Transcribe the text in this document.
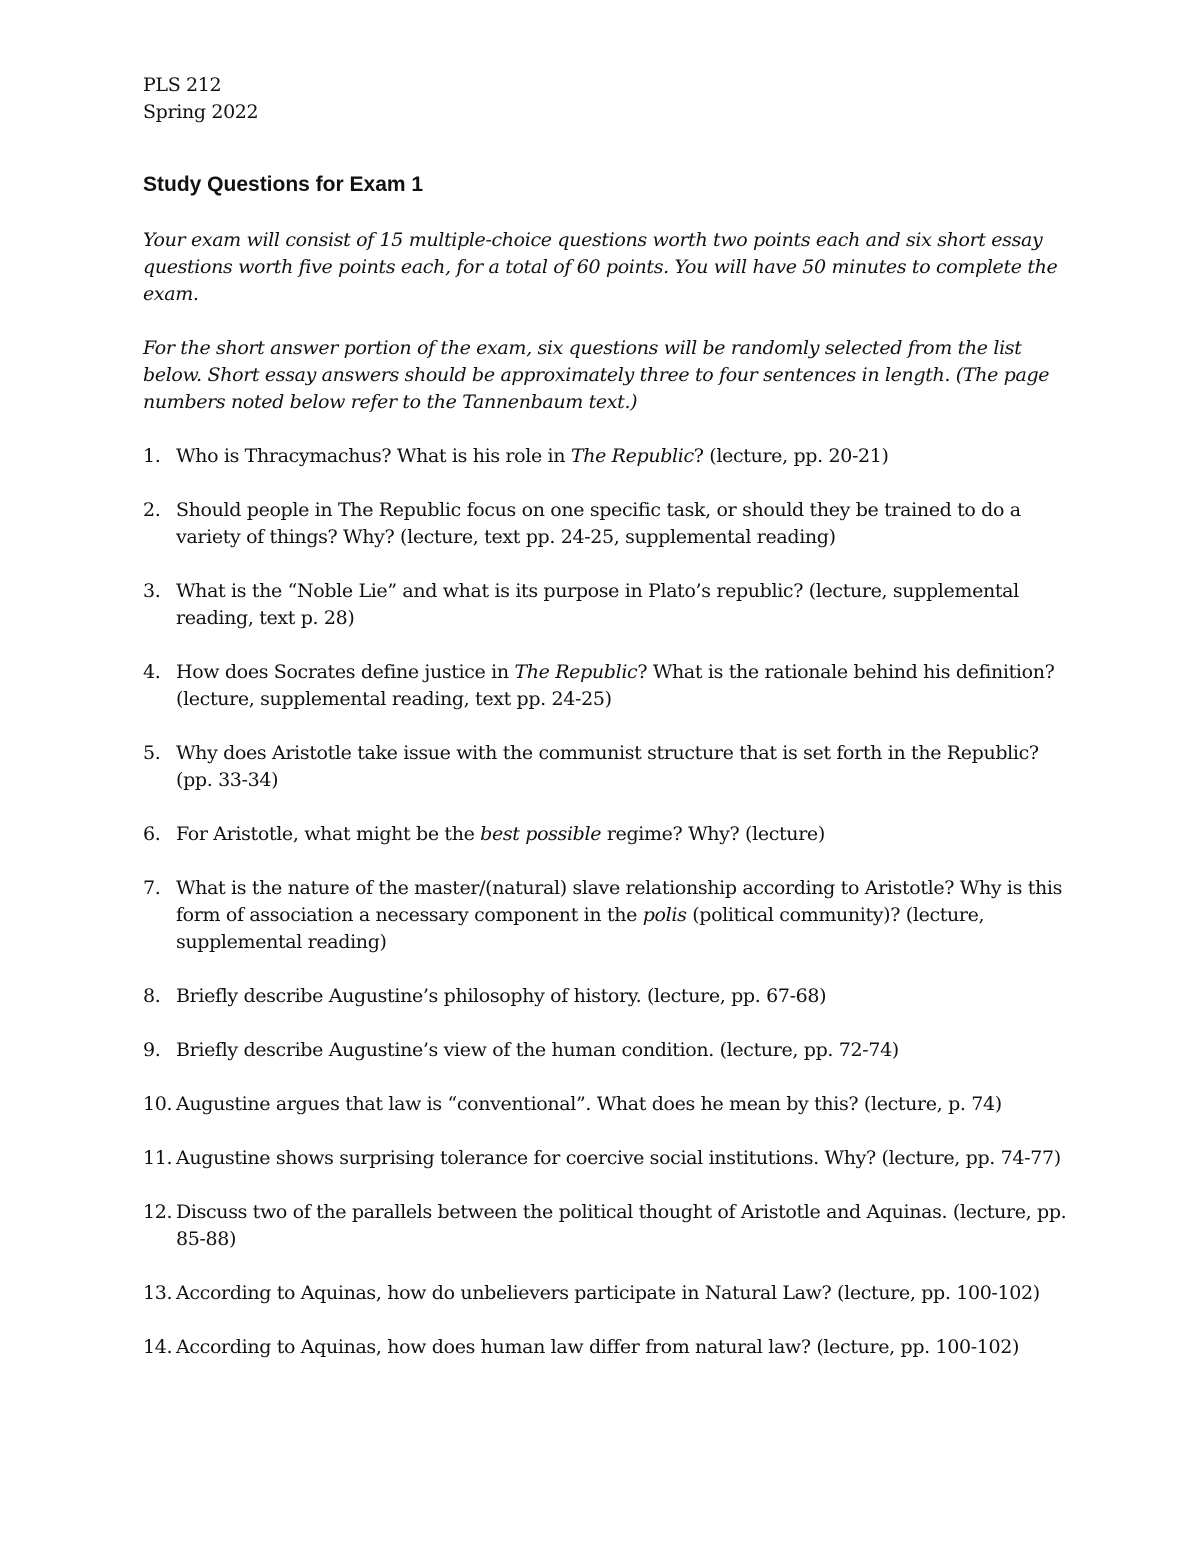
PLS 212
Spring 2022
Study Questions for Exam 1
Your exam will consist of 15 multiple-choice questions worth two points each and six short essay questions worth five points each, for a total of 60 points. You will have 50 minutes to complete the exam.
For the short answer portion of the exam, six questions will be randomly selected from the list below. Short essay answers should be approximately three to four sentences in length. (The page numbers noted below refer to the Tannenbaum text.)
1. Who is Thracymachus? What is his role in The Republic? (lecture, pp. 20-21)
2. Should people in The Republic focus on one specific task, or should they be trained to do a variety of things? Why? (lecture, text pp. 24-25, supplemental reading)
3. What is the “Noble Lie” and what is its purpose in Plato’s republic? (lecture, supplemental reading, text p. 28)
4. How does Socrates define justice in The Republic? What is the rationale behind his definition? (lecture, supplemental reading, text pp. 24-25)
5. Why does Aristotle take issue with the communist structure that is set forth in the Republic? (pp. 33-34)
6. For Aristotle, what might be the best possible regime? Why? (lecture)
7. What is the nature of the master/(natural) slave relationship according to Aristotle? Why is this form of association a necessary component in the polis (political community)? (lecture, supplemental reading)
8. Briefly describe Augustine’s philosophy of history. (lecture, pp. 67-68)
9. Briefly describe Augustine’s view of the human condition. (lecture, pp. 72-74)
10. Augustine argues that law is “conventional”. What does he mean by this? (lecture, p. 74)
11. Augustine shows surprising tolerance for coercive social institutions. Why? (lecture, pp. 74-77)
12. Discuss two of the parallels between the political thought of Aristotle and Aquinas. (lecture, pp. 85-88)
13. According to Aquinas, how do unbelievers participate in Natural Law? (lecture, pp. 100-102)
14. According to Aquinas, how does human law differ from natural law? (lecture, pp. 100-102)
